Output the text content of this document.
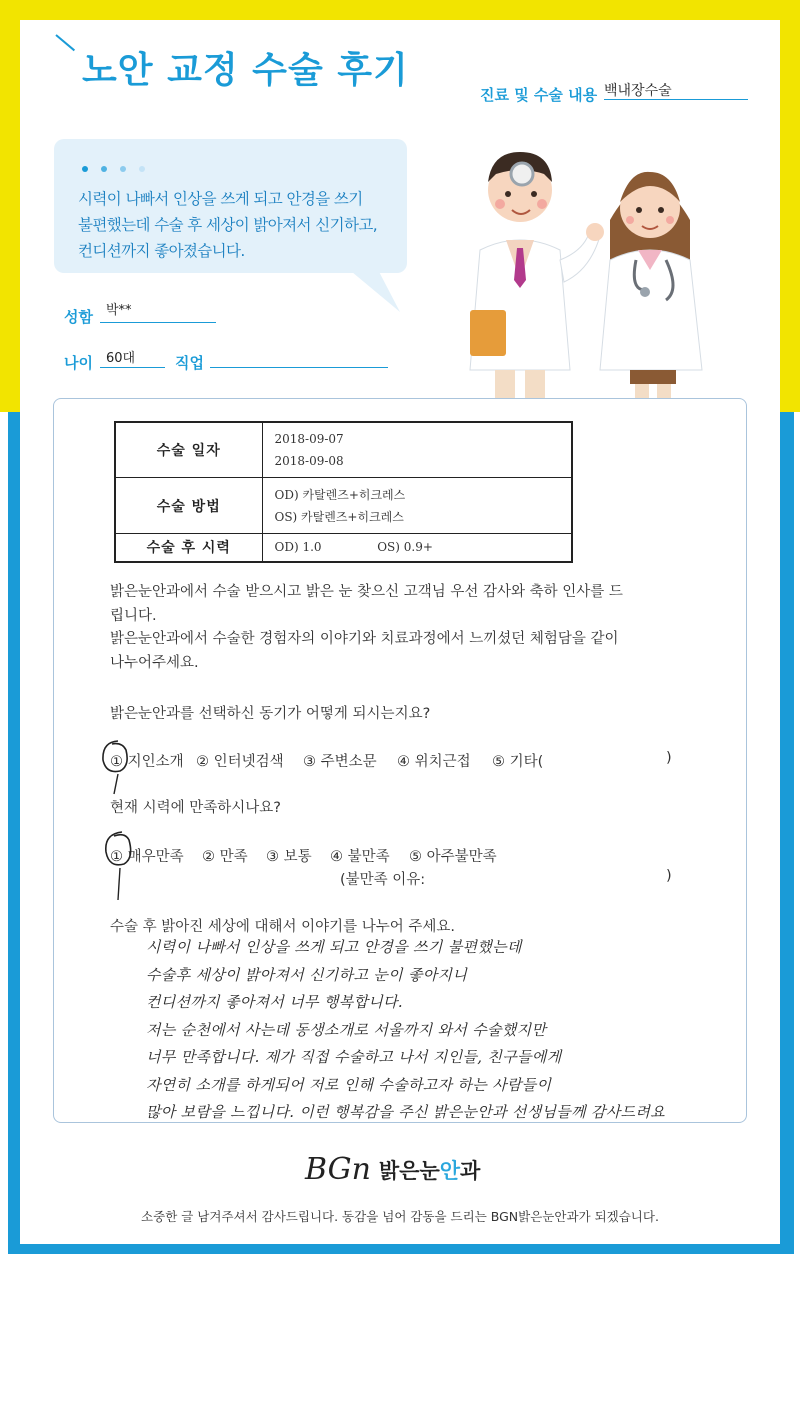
노안 교정 수술 후기
진료 및 수술 내용 백내장수술
시력이 나빠서 인상을 쓰게 되고 안경을 쓰기
불편했는데 수술 후 세상이 밝아져서 신기하고,
컨디션까지 좋아졌습니다.
성함 박**
나이 60대	직업
수술 일자	2018-09-07
2018-09-08

수술 방법	OD) 카탈렌즈+히크레스
OS) 카탈렌즈+히크레스

수술 후 시력	OD) 1.0 OS) 0.9+
밝은눈안과에서 수술 받으시고 밝은 눈 찾으신 고객님 우선 감사와 축하 인사를 드
립니다.
밝은눈안과에서 수술한 경험자의 이야기와 치료과정에서 느끼셨던 체험담을 같이
나누어주세요.
밝은눈안과를 선택하신 동기가 어떻게 되시는지요?
① 지인소개 ② 인터넷검색 ③ 주변소문 ④ 위치근접 ⑤ 기타(	)
현재 시력에 만족하시나요?
① 매우만족 ② 만족 ③ 보통 ④ 불만족 ⑤ 아주불만족
(불만족 이유:	)
수술 후 밝아진 세상에 대해서 이야기를 나누어 주세요.
시력이 나빠서 인상을 쓰게 되고 안경을 쓰기 불편했는데
수술후 세상이 밝아져서 신기하고 눈이 좋아지니
컨디션까지 좋아져서 너무 행복합니다.
저는 순천에서 사는데 동생소개로 서울까지 와서 수술했지만
너무 만족합니다. 제가 직접 수술하고 나서 지인들, 친구들에게
자연히 소개를 하게되어 저로 인해 수술하고자 하는 사람들이
많아 보람을 느낍니다. 이런 행복감을 주신 밝은눈안과 선생님들께 감사드려요
BGn 밝은눈안과
소중한 글 남겨주셔서 감사드립니다. 동감을 넘어 감동을 드리는 BGN밝은눈안과가 되겠습니다.
